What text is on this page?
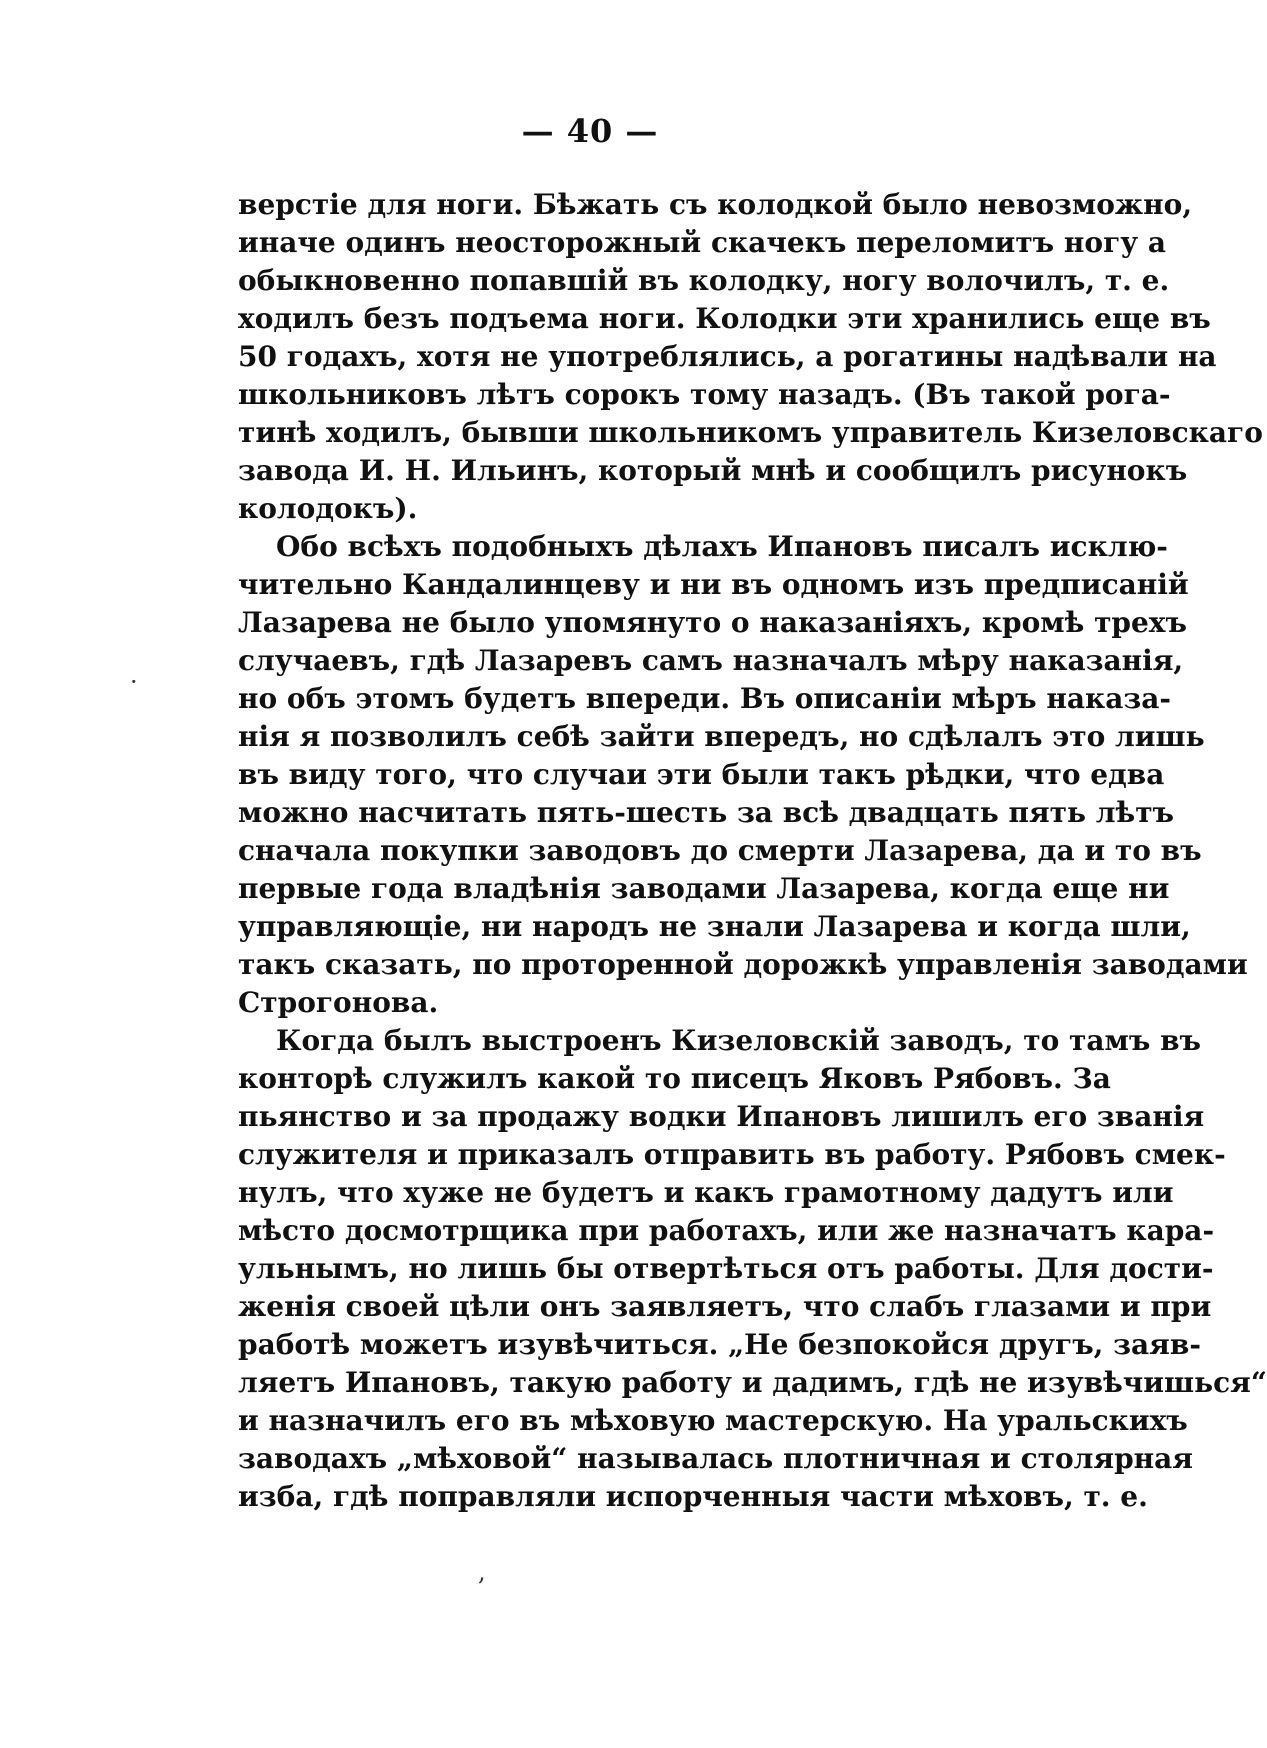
— 40 —
верстіе для ноги. Бѣжать съ колодкой было невозможно,
иначе одинъ неосторожный скачекъ переломитъ ногу а
обыкновенно попавшій въ колодку, ногу волочилъ, т. е.
ходилъ безъ подъема ноги. Колодки эти хранились еще въ
50 годахъ, хотя не употреблялись, а рогатины надѣвали на
школьниковъ лѣтъ сорокъ тому назадъ. (Въ такой рога-
тинѣ ходилъ, бывши школьникомъ управитель Кизеловскаго
завода И. Н. Ильинъ, который мнѣ и сообщилъ рисунокъ
колодокъ).
Обо всѣхъ подобныхъ дѣлахъ Ипановъ писалъ исклю-
чительно Кандалинцеву и ни въ одномъ изъ предписаній
Лазарева не было упомянуто о наказаніяхъ, кромѣ трехъ
случаевъ, гдѣ Лазаревъ самъ назначалъ мѣру наказанія,
но объ этомъ будетъ впереди. Въ описаніи мѣръ наказа-
нія я позволилъ себѣ зайти впередъ, но сдѣлалъ это лишь
въ виду того, что случаи эти были такъ рѣдки, что едва
можно насчитать пять-шесть за всѣ двадцать пять лѣтъ
сначала покупки заводовъ до смерти Лазарева, да и то въ
первые года владѣнія заводами Лазарева, когда еще ни
управляющіе, ни народъ не знали Лазарева и когда шли,
такъ сказать, по проторенной дорожкѣ управленія заводами
Строгонова.
Когда былъ выстроенъ Кизеловскій заводъ, то тамъ въ
конторѣ служилъ какой то писецъ Яковъ Рябовъ. За
пьянство и за продажу водки Ипановъ лишилъ его званія
служителя и приказалъ отправить въ работу. Рябовъ смек-
нулъ, что хуже не будетъ и какъ грамотному дадутъ или
мѣсто досмотрщика при работахъ, или же назначатъ кара-
ульнымъ, но лишь бы отвертѣться отъ работы. Для дости-
женія своей цѣли онъ заявляетъ, что слабъ глазами и при
работѣ можетъ изувѣчиться. „Не безпокойся другъ, заяв-
ляетъ Ипановъ, такую работу и дадимъ, гдѣ не изувѣчишься“
и назначилъ его въ мѣховую мастерскую. На уральскихъ
заводахъ „мѣховой“ называлась плотничная и столярная
изба, гдѣ поправляли испорченныя части мѣховъ, т. е.
·
,
